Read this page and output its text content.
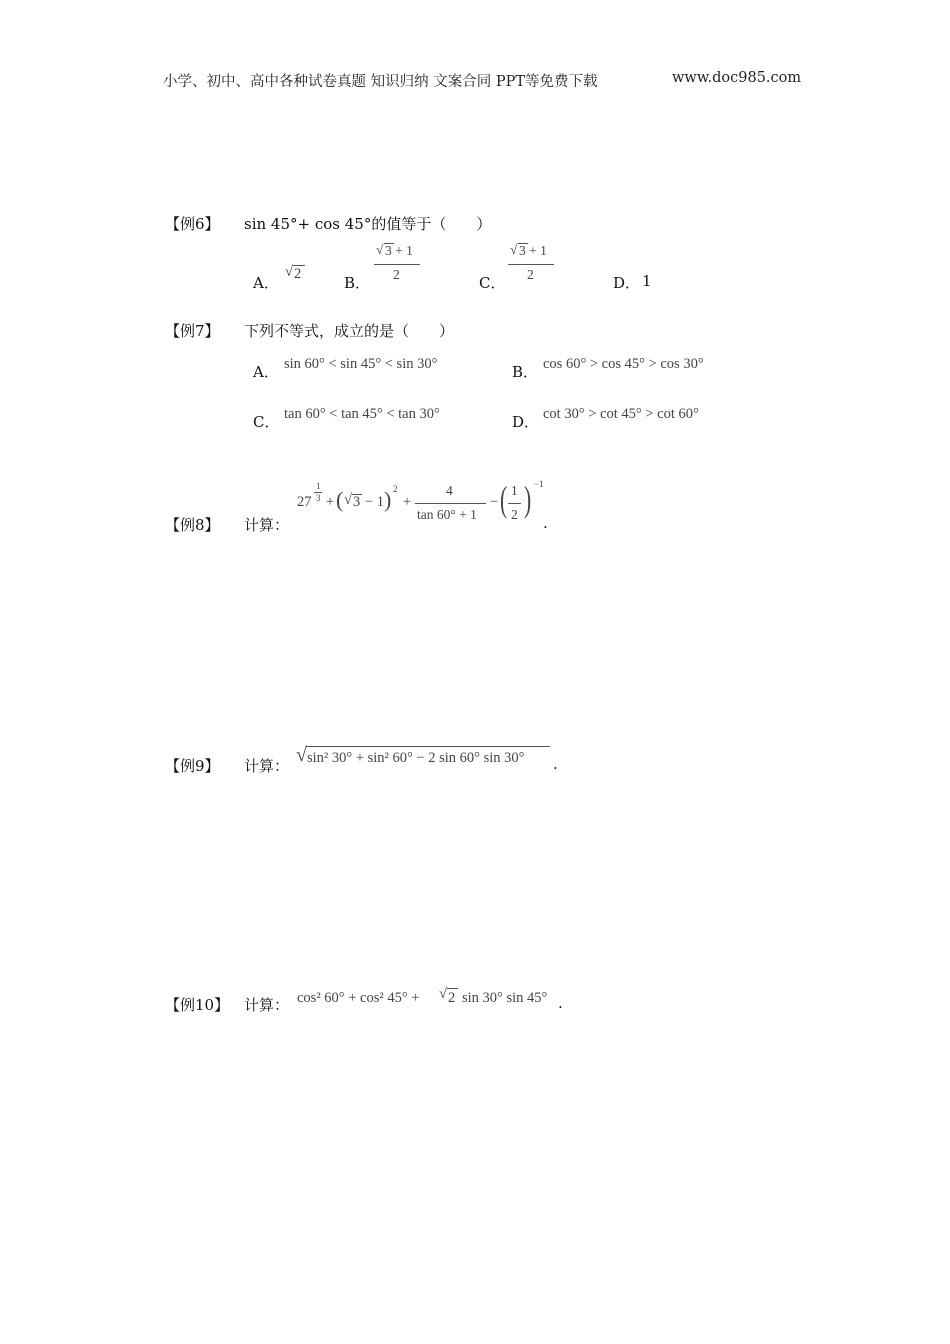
小学、初中、高中各种试卷真题 知识归纳 文案合同 PPT等免费下载	www.doc985.com
【例6】 sin 45°+ cos 45°的值等于（　　）
A．
√ 2	B．
√ 3 + 1
2	C．
√ 3 + 1
2	D． 1
【例7】 下列不等式，成立的是（　　）
A． sin 60° < sin 45° < sin 30°	B． cos 60° > cos 45° > cos 30°
C． tan 60° < tan 45° < tan 30°	D． cot 30° > cot 45° > cot 60°
【例8】 计算：
27
1
3 + ( √ 3 − 1 ) 2
+
4
tan 60° + 1
− ( 1
2 ) −1
.
【例9】 计算： √ sin² 30° + sin² 60° − 2 sin 60° sin 30° .
【例10】 计算： cos² 60° + cos² 45° + √ 2 sin 30° sin 45° .
